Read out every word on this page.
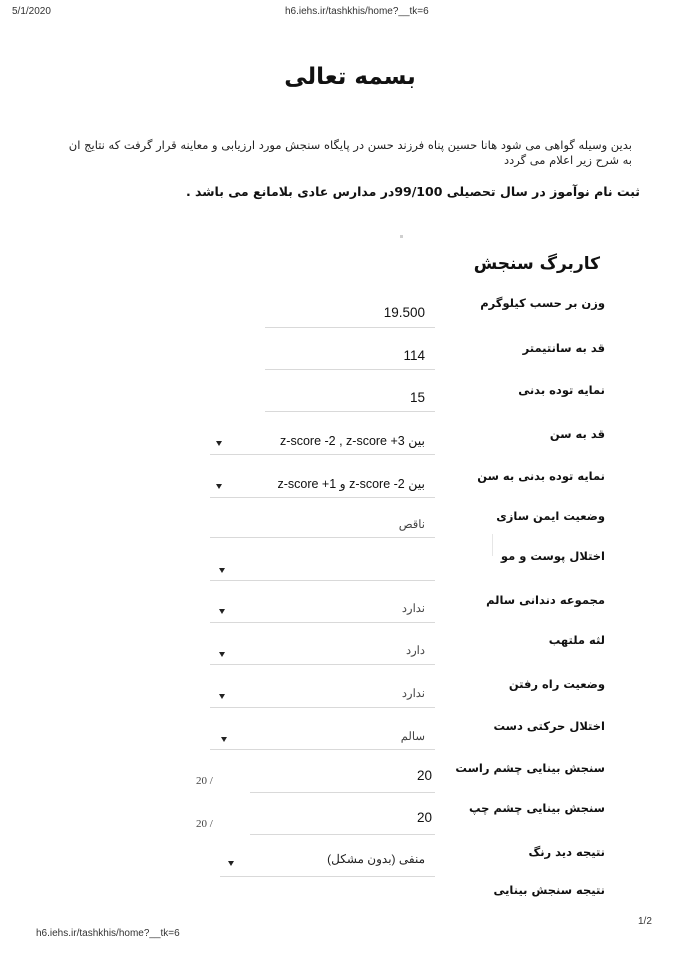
5/1/2020	h6.iehs.ir/tashkhis/home?__tk=6
h6.iehs.ir/tashkhis/home?__tk=6
1/2
بسمه تعالی
بدین وسیله گواهی می شود هانا حسین پناه فرزند حسن در پایگاه سنجش مورد ارزیابی و معاینه قرار گرفت که نتایج ان
به شرح زیر اعلام می گردد
ثبت نام نوآموز در سال تحصیلی 99/100در مدارس عادی بلامانع می باشد .
کاربرگ سنجش
وزن بر حسب کیلوگرم
قد به سانتیمتر
نمایه توده بدنی
قد به سن
نمایه توده بدنی به سن
وضعیت ایمن سازی
اختلال پوست و مو
مجموعه دندانی سالم
لثه ملتهب
وضعیت راه رفتن
اختلال حرکتی دست
سنجش بینایی چشم راست
سنجش بینایی چشم چپ
نتیجه دید رنگ
نتیجه سنجش بینایی
19.500
114
15
بین z-score -2 , z-score +3
بین z-score -2 و z-score +1
ناقص
ندارد
دارد
ندارد
سالم
20
20 /
20
20 /
منفی (بدون مشکل)
